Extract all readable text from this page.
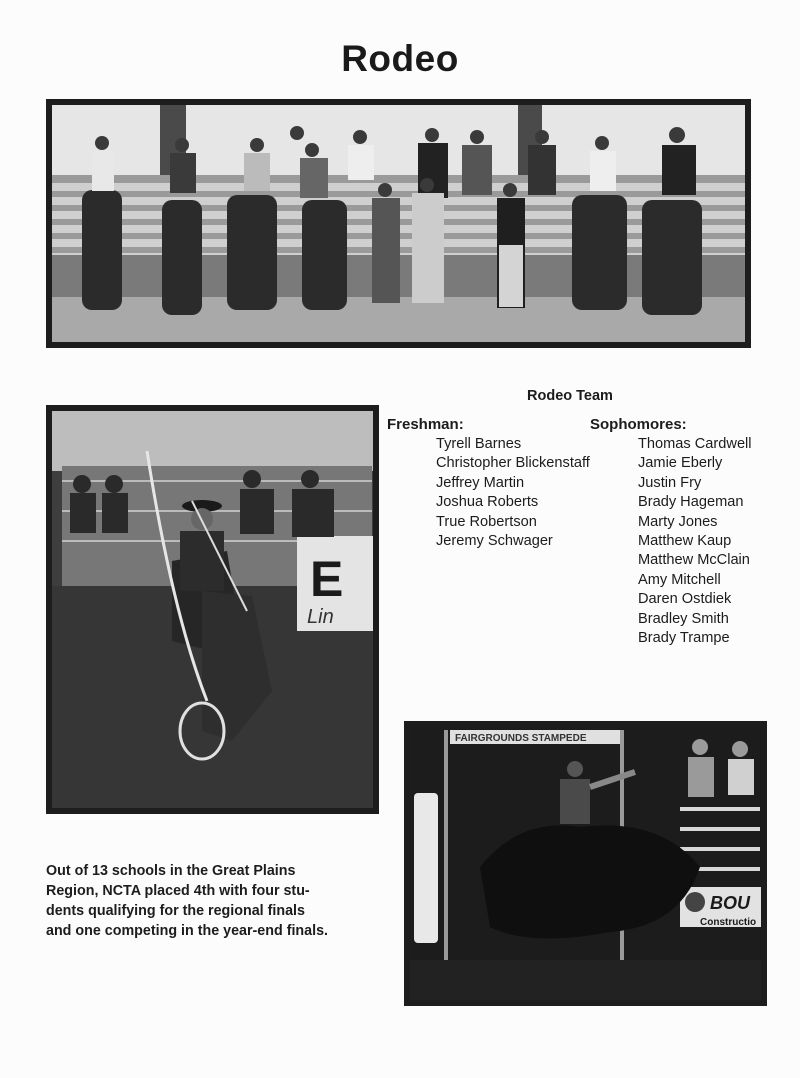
Rodeo
Rodeo Team
Freshman:
Tyrell Barnes
Christopher Blickenstaff
Jeffrey Martin
Joshua Roberts
True Robertson
Jeremy Schwager
Sophomores:
Thomas Cardwell
Jamie Eberly
Justin Fry
Brady Hageman
Marty Jones
Matthew Kaup
Matthew McClain
Amy Mitchell
Daren Ostdiek
Bradley Smith
Brady Trampe
E
Lin
FAIRGROUNDS STAMPEDE
BOU
Constructio
Out of 13 schools in the Great Plains
Region, NCTA placed 4th with four stu-
dents qualifying for the regional finals
and one competing in the year-end finals.
